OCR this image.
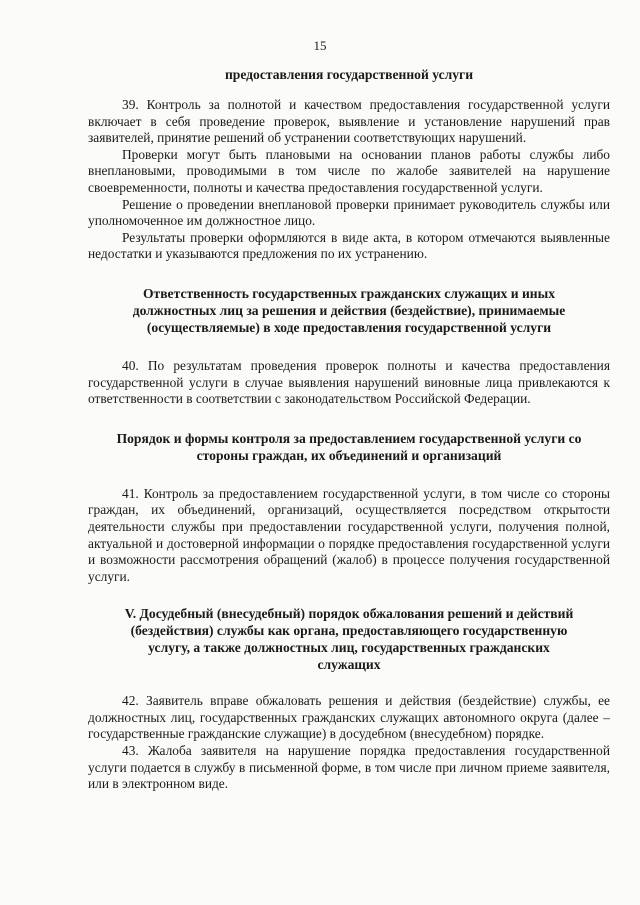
15

предоставления государственной услуги

39. Контроль за полнотой и качеством предоставления государственной услуги включает в себя проведение проверок, выявление и установление нарушений прав заявителей, принятие решений об устранении соответствующих нарушений.

Проверки могут быть плановыми на основании планов работы службы либо внеплановыми, проводимыми в том числе по жалобе заявителей на нарушение своевременности, полноты и качества предоставления государственной услуги.

Решение о проведении внеплановой проверки принимает руководитель службы или уполномоченное им должностное лицо.

Результаты проверки оформляются в виде акта, в котором отмечаются выявленные недостатки и указываются предложения по их устранению.

Ответственность государственных гражданских служащих и иных должностных лиц за решения и действия (бездействие), принимаемые (осуществляемые) в ходе предоставления государственной услуги

40. По результатам проведения проверок полноты и качества предоставления государственной услуги в случае выявления нарушений виновные лица привлекаются к ответственности в соответствии с законодательством Российской Федерации.

Порядок и формы контроля за предоставлением государственной услуги со стороны граждан, их объединений и организаций

41. Контроль за предоставлением государственной услуги, в том числе со стороны граждан, их объединений, организаций, осуществляется посредством открытости деятельности службы при предоставлении государственной услуги, получения полной, актуальной и достоверной информации о порядке предоставления государственной услуги и возможности рассмотрения обращений (жалоб) в процессе получения государственной услуги.

V. Досудебный (внесудебный) порядок обжалования решений и действий (бездействия) службы как органа, предоставляющего государственную услугу, а также должностных лиц, государственных гражданских служащих

42. Заявитель вправе обжаловать решения и действия (бездействие) службы, ее должностных лиц, государственных гражданских служащих автономного округа (далее – государственные гражданские служащие) в досудебном (внесудебном) порядке.

43. Жалоба заявителя на нарушение порядка предоставления государственной услуги подается в службу в письменной форме, в том числе при личном приеме заявителя, или в электронном виде.
